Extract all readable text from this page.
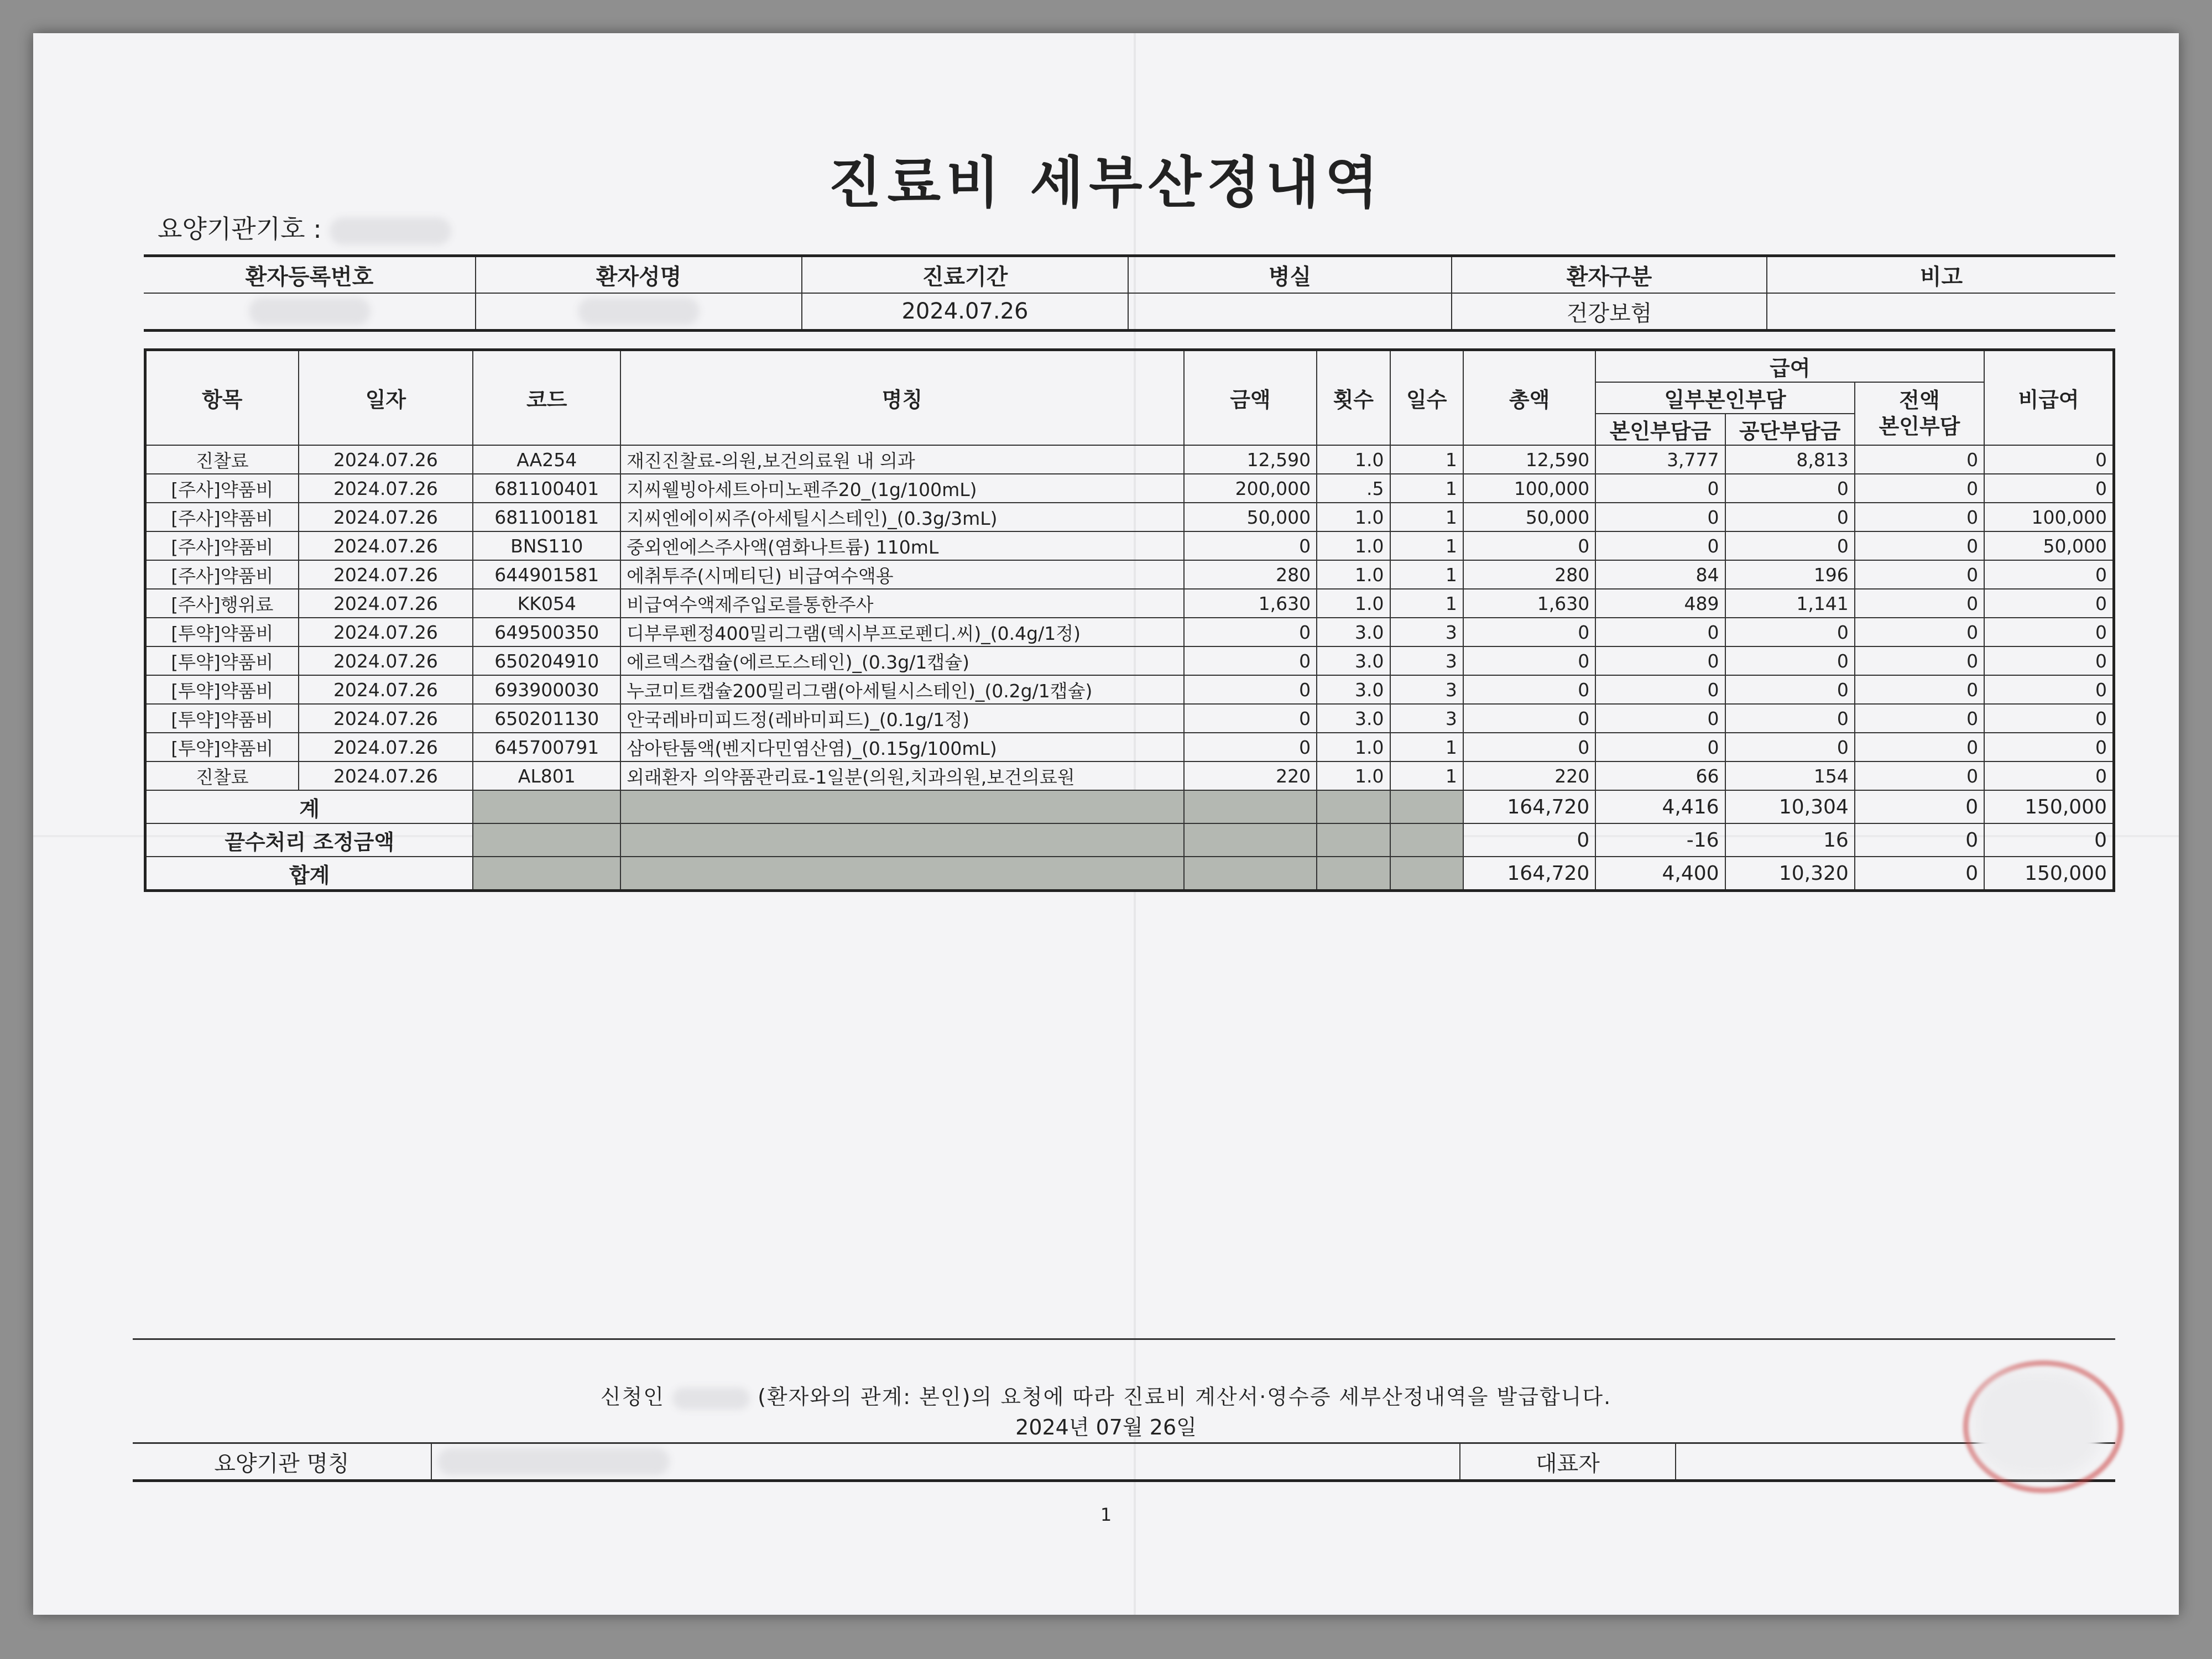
진료비 세부산정내역
요양기관기호 :
환자등록번호	환자성명	진료기간	병실	환자구분	비고
		2024.07.26		건강보험	
항목	일자	코드	명칭	금액	횟수	일수	총액	급여			비급여
								일부본인부담		전액
본인부담	
								본인부담금	공단부담금		
진찰료	2024.07.26	AA254	재진진찰료-의원,보건의료원 내 의과	12,590	1.0	1	12,590	3,777	8,813	0	0
[주사]약품비	2024.07.26	681100401	지씨웰빙아세트아미노펜주20_(1g/100mL)	200,000	.5	1	100,000	0	0	0	0
[주사]약품비	2024.07.26	681100181	지씨엔에이씨주(아세틸시스테인)_(0.3g/3mL)	50,000	1.0	1	50,000	0	0	0	100,000
[주사]약품비	2024.07.26	BNS110	중외엔에스주사액(염화나트륨) 110mL	0	1.0	1	0	0	0	0	50,000
[주사]약품비	2024.07.26	644901581	에취투주(시메티딘) 비급여수액용	280	1.0	1	280	84	196	0	0
[주사]행위료	2024.07.26	KK054	비급여수액제주입로를통한주사	1,630	1.0	1	1,630	489	1,141	0	0
[투약]약품비	2024.07.26	649500350	디부루펜정400밀리그램(덱시부프로펜디.씨)_(0.4g/1정)	0	3.0	3	0	0	0	0	0
[투약]약품비	2024.07.26	650204910	에르덱스캡슐(에르도스테인)_(0.3g/1캡슐)	0	3.0	3	0	0	0	0	0
[투약]약품비	2024.07.26	693900030	누코미트캡슐200밀리그램(아세틸시스테인)_(0.2g/1캡슐)	0	3.0	3	0	0	0	0	0
[투약]약품비	2024.07.26	650201130	안국레바미피드정(레바미피드)_(0.1g/1정)	0	3.0	3	0	0	0	0	0
[투약]약품비	2024.07.26	645700791	삼아탄툼액(벤지다민염산염)_(0.15g/100mL)	0	1.0	1	0	0	0	0	0
진찰료	2024.07.26	AL801	외래환자 의약품관리료-1일분(의원,치과의원,보건의료원	220	1.0	1	220	66	154	0	0
계							164,720	4,416	10,304	0	150,000
끝수처리 조정금액							0	-16	16	0	0
합계							164,720	4,400	10,320	0	150,000
신청인	(환자와의 관계: 본인)의 요청에 따라 진료비 계산서·영수증 세부산정내역을 발급합니다.
2024년 07월 26일
요양기관 명칭		대표자	
1
